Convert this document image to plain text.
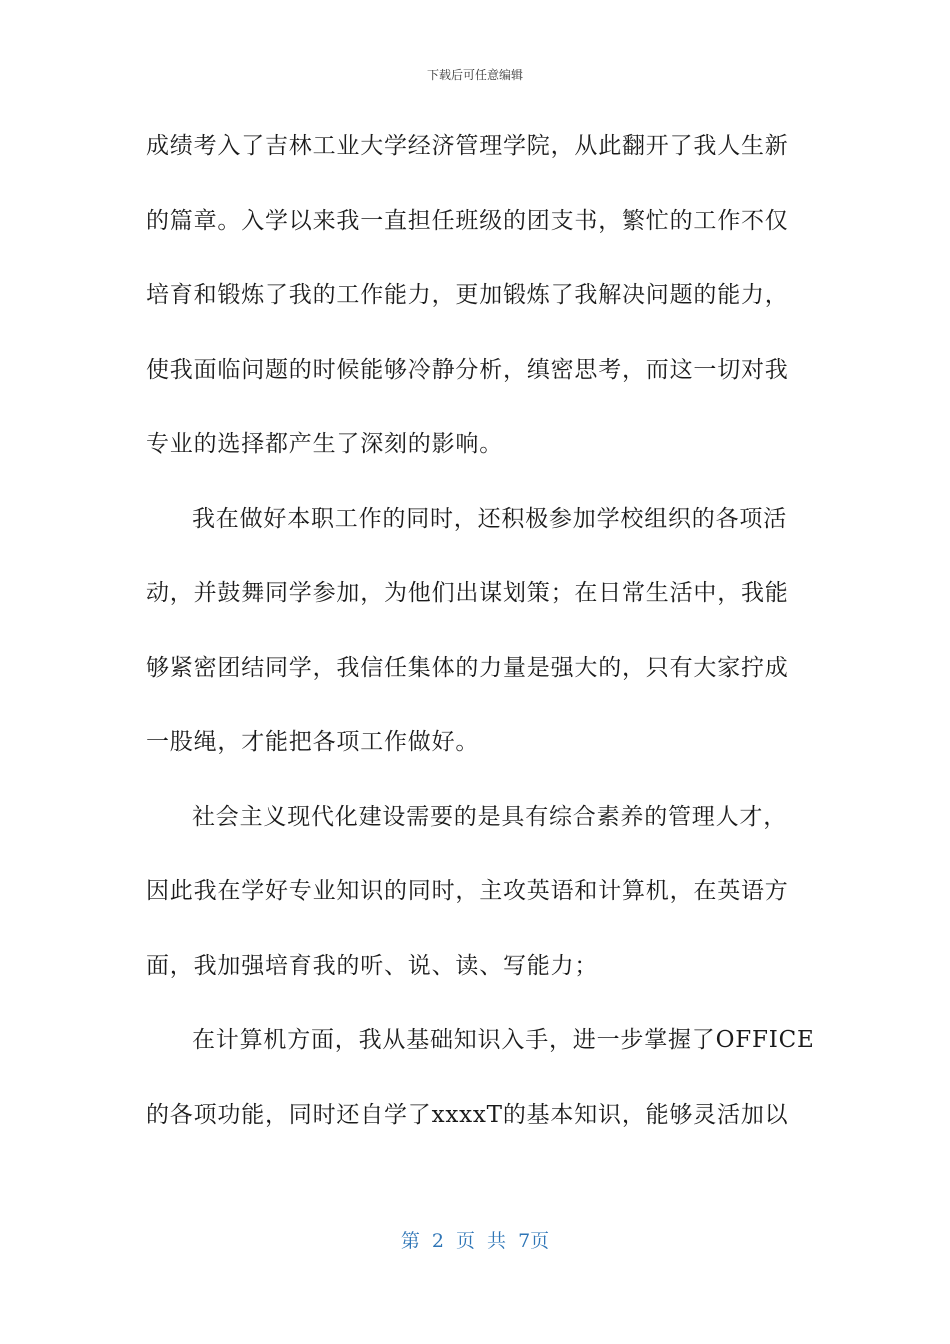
下载后可任意编辑
成绩考入了吉林工业大学经济管理学院，从此翻开了我人生新
的篇章。入学以来我一直担任班级的团支书，繁忙的工作不仅
培育和锻炼了我的工作能力，更加锻炼了我解决问题的能力，
使我面临问题的时候能够冷静分析，缜密思考，而这一切对我
专业的选择都产生了深刻的影响。
我在做好本职工作的同时，还积极参加学校组织的各项活
动，并鼓舞同学参加，为他们出谋划策；在日常生活中，我能
够紧密团结同学，我信任集体的力量是强大的，只有大家拧成
一股绳，才能把各项工作做好。
社会主义现代化建设需要的是具有综合素养的管理人才，
因此我在学好专业知识的同时，主攻英语和计算机，在英语方
面，我加强培育我的听、说、读、写能力；
在计算机方面，我从基础知识入手，进一步掌握了OFFICE
的各项功能，同时还自学了xxxxT的基本知识，能够灵活加以
第 2 页 共 7页
